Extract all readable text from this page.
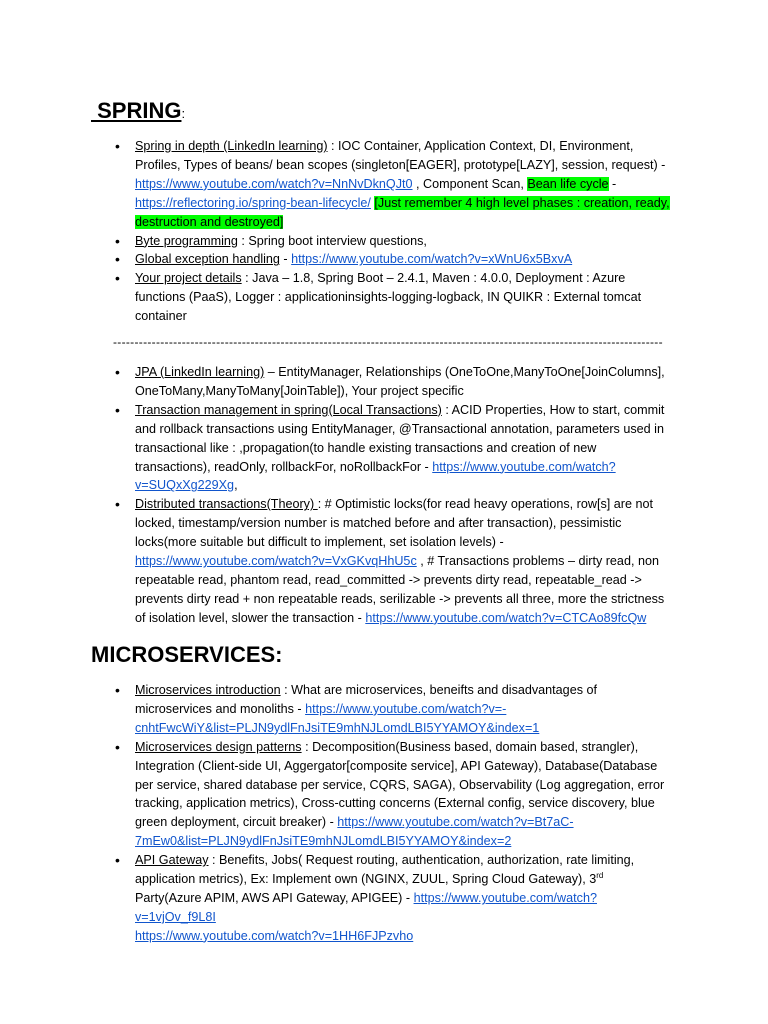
SPRING:
• Spring in depth (LinkedIn learning) : IOC Container, Application Context, DI, Environment, Profiles, Types of beans/ bean scopes (singleton[EAGER], prototype[LAZY], session, request) - https://www.youtube.com/watch?v=NnNvDknQJt0 , Component Scan, Bean life cycle - https://reflectoring.io/spring-bean-lifecycle/ [Just remember 4 high level phases : creation, ready, destruction and destroyed]
• Byte programming : Spring boot interview questions,
• Global exception handling - https://www.youtube.com/watch?v=xWnU6x5BxvA
• Your project details : Java – 1.8, Spring Boot – 2.4.1, Maven : 4.0.0, Deployment : Azure functions (PaaS), Logger : applicationinsights-logging-logback, IN QUIKR : External tomcat container
--------------------------------------------------------------------------------------------------------------------------------
• JPA (LinkedIn learning) – EntityManager, Relationships (OneToOne,ManyToOne[JoinColumns], OneToMany,ManyToMany[JoinTable]), Your project specific
• Transaction management in spring(Local Transactions) : ACID Properties, How to start, commit and rollback transactions using EntityManager, @Transactional annotation, parameters used in transactional like : ,propagation(to handle existing transactions and creation of new transactions), readOnly, rollbackFor, noRollbackFor - https://www.youtube.com/watch?v=SUQxXg229Xg,
• Distributed transactions(Theory) : # Optimistic locks(for read heavy operations, row[s] are not locked, timestamp/version number is matched before and after transaction), pessimistic locks(more suitable but difficult to implement, set isolation levels) - https://www.youtube.com/watch?v=VxGKvqHhU5c , # Transactions problems – dirty read, non repeatable read, phantom read, read_committed -> prevents dirty read, repeatable_read -> prevents dirty read + non repeatable reads, serilizable -> prevents all three, more the strictness of isolation level, slower the transaction - https://www.youtube.com/watch?v=CTCAo89fcQw
MICROSERVICES:
• Microservices introduction : What are microservices, beneifts and disadvantages of microservices and monoliths - https://www.youtube.com/watch?v=-cnhtFwcWiY&list=PLJN9ydlFnJsiTE9mhNJLomdLBI5YYAMOY&index=1
• Microservices design patterns : Decomposition(Business based, domain based, strangler), Integration (Client-side UI, Aggergator[composite service], API Gateway), Database(Database per service, shared database per service, CQRS, SAGA), Observability (Log aggregation, error tracking, application metrics), Cross-cutting concerns (External config, service discovery, blue green deployment, circuit breaker) - https://www.youtube.com/watch?v=Bt7aC-7mEw0&list=PLJN9ydlFnJsiTE9mhNJLomdLBI5YYAMOY&index=2
• API Gateway : Benefits, Jobs( Request routing, authentication, authorization, rate limiting, application metrics), Ex: Implement own (NGINX, ZUUL, Spring Cloud Gateway), 3rd Party(Azure APIM, AWS API Gateway, APIGEE) - https://www.youtube.com/watch?v=1vjOv_f9L8I
https://www.youtube.com/watch?v=1HH6FJPzvho
